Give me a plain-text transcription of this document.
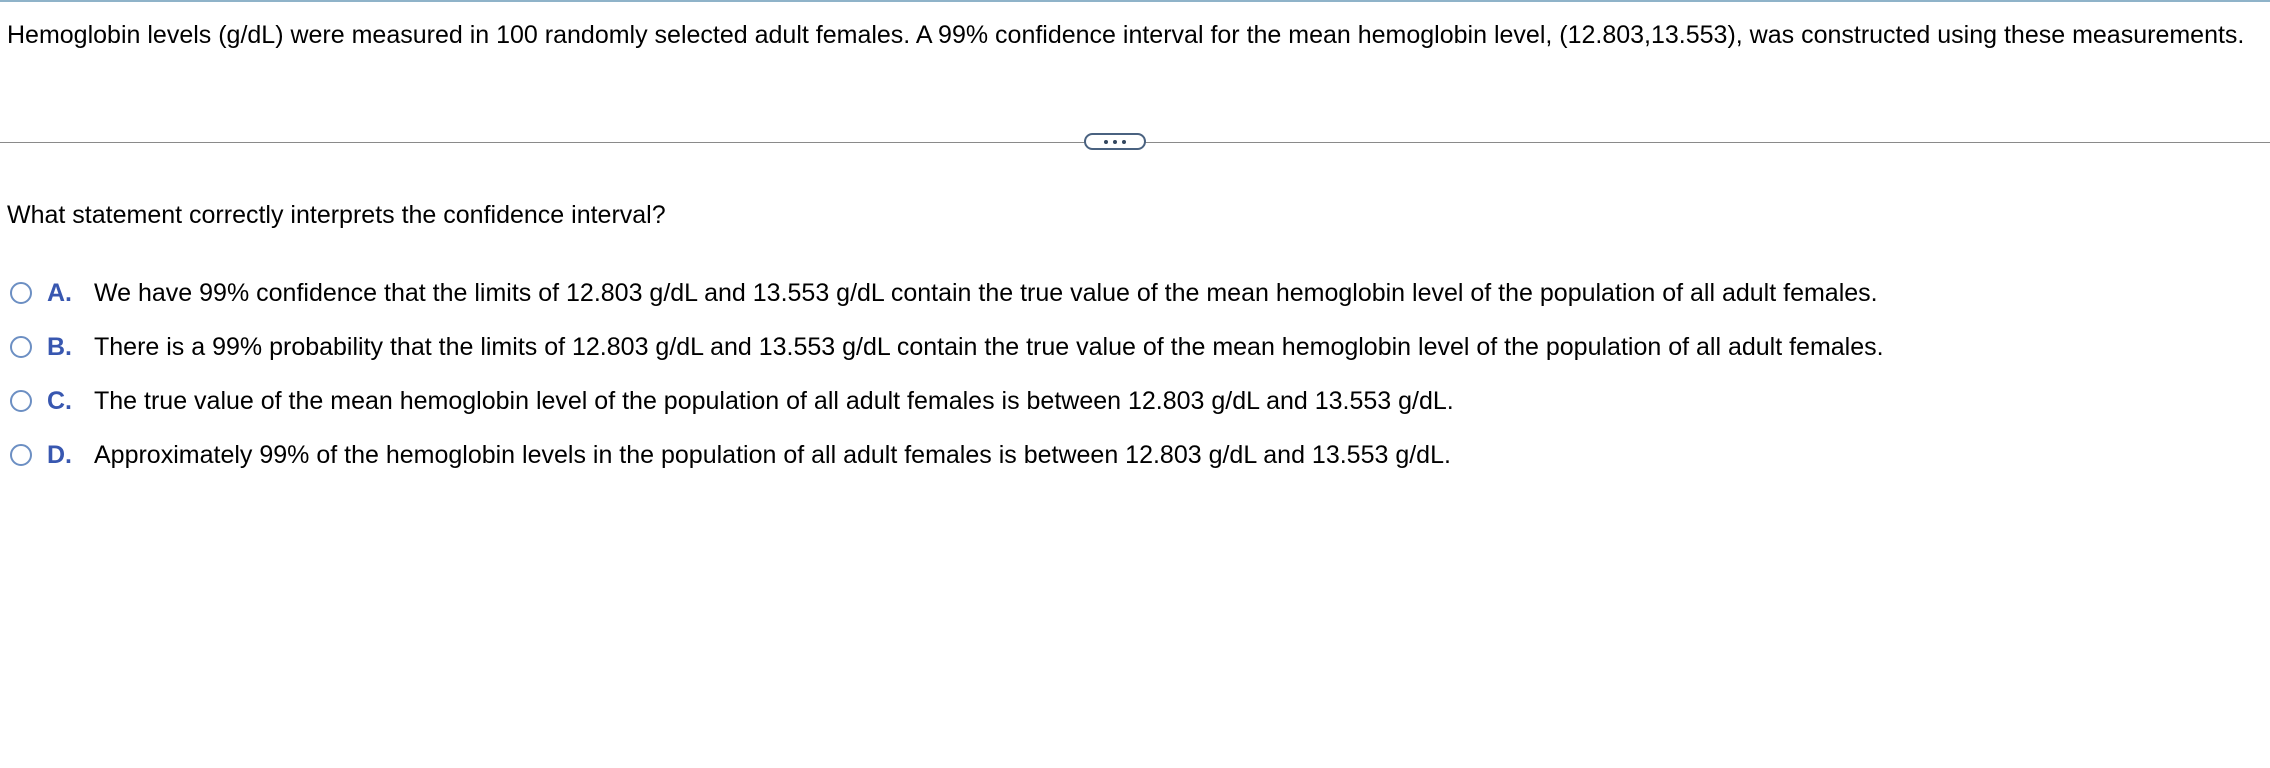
Hemoglobin levels (g/dL) were measured in 100 randomly selected adult females. A 99% confidence interval for the mean hemoglobin level, (12.803,13.553), was constructed using these measurements.
What statement correctly interprets the confidence interval?
A. We have 99% confidence that the limits of 12.803 g/dL and 13.553 g/dL contain the true value of the mean hemoglobin level of the population of all adult females.
B. There is a 99% probability that the limits of 12.803 g/dL and 13.553 g/dL contain the true value of the mean hemoglobin level of the population of all adult females.
C. The true value of the mean hemoglobin level of the population of all adult females is between 12.803 g/dL and 13.553 g/dL.
D. Approximately 99% of the hemoglobin levels in the population of all adult females is between 12.803 g/dL and 13.553 g/dL.
